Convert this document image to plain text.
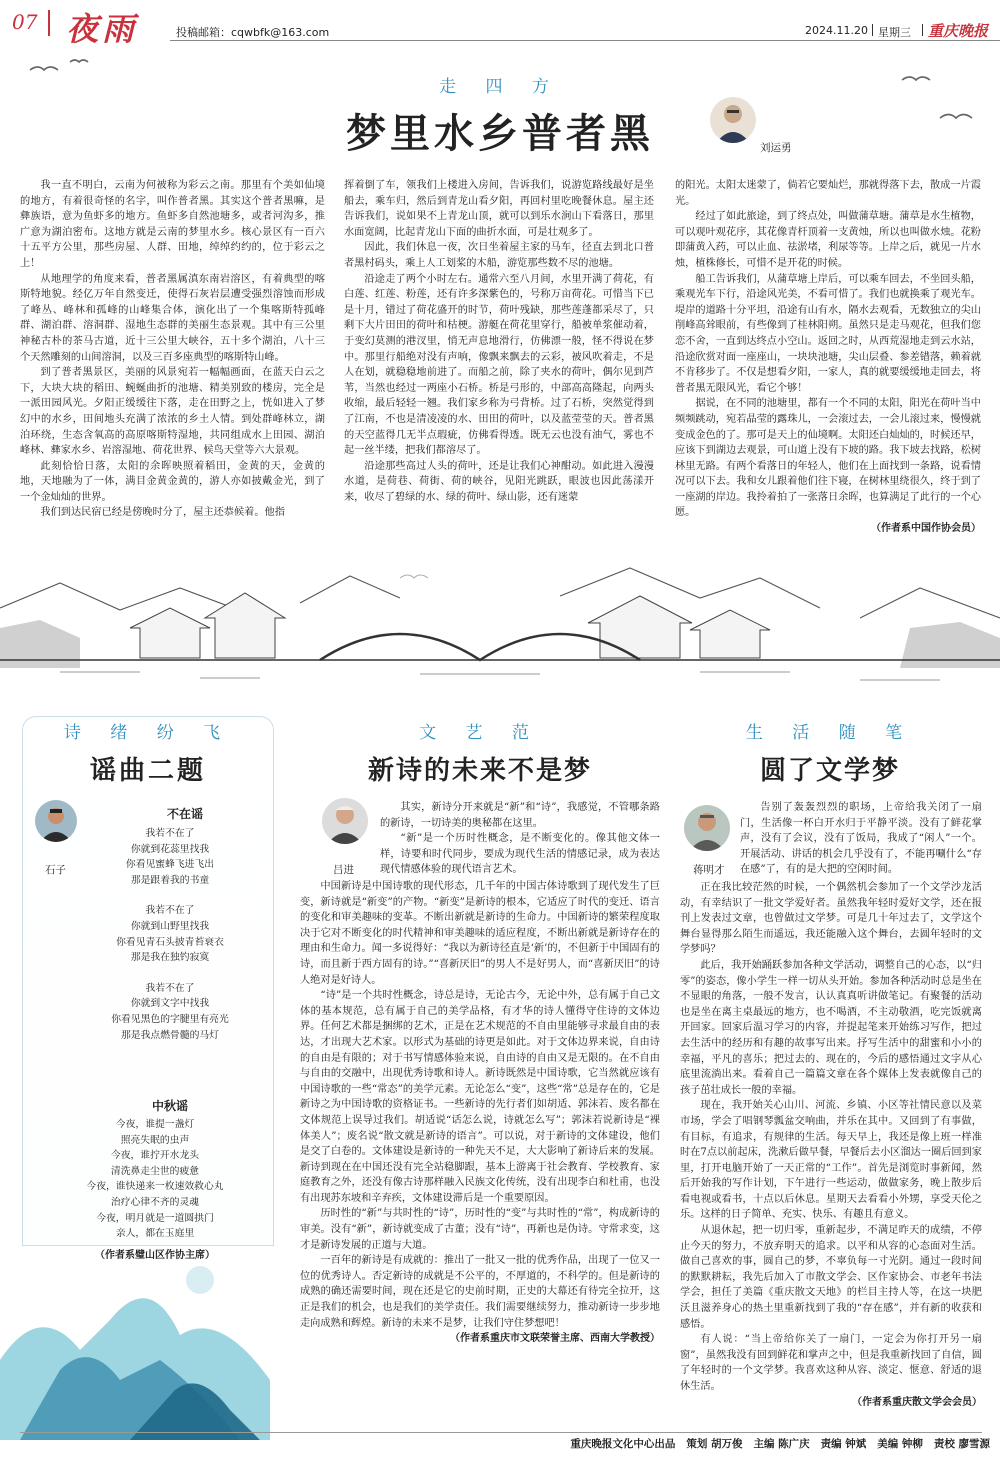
07 夜雨	投稿邮箱：cqwbfk@163.com	2024.11.20 星期三 重庆晚报
走 四 方
梦里水乡普者黑	刘运勇

我一直不明白，云南为何被称为彩云之南。那里有个美如仙境的地方，有着很奇怪的名字，叫作普者黑。其实这个普者黑嘛，是彝族语，意为鱼虾多的地方。鱼虾多自然池塘多，或者河沟多，推广意为湖泊密布。这地方就是云南的梦里水乡。核心景区有一百六十五平方公里，那些房屋、人群、田地，绰绰约约的，位于彩云之上！

从地理学的角度来看，普者黑属滇东南岩溶区，有着典型的喀斯特地貌。经亿万年自然变迁，使得石灰岩层遭受强烈溶蚀而形成了峰丛、峰林和孤峰的山峰集合体，演化出了一个集喀斯特孤峰群、湖泊群、溶洞群、湿地生态群的美丽生态景观。其中有三公里神秘古朴的茶马古道，近十三公里大峡谷，五十多个湖泊，八十三个天然雕刻的山间溶洞，以及三百多座典型的喀斯特山峰。

到了普者黑景区，美丽的风景宛若一幅幅画面，在蓝天白云之下，大块大块的稻田、蜿蜒曲折的池塘、精美别致的楼房，完全是一派田园风光。夕阳正缓缓往下落，走在田野之上，恍如进入了梦幻中的水乡，田间地头充满了浓浓的乡土人情。到处群峰林立，湖泊环绕，生态含氧高的高原喀斯特湿地，共同组成水上田园、湖泊峰林、彝家水乡、岩溶湿地、荷花世界、候鸟天堂等六大景观。

此刻恰恰日落，太阳的余晖映照着稻田，金黄的天，金黄的地，天地融为了一体，满目金黄金黄的，游人亦如披戴金光，到了一个金灿灿的世界。

我们到达民宿已经是傍晚时分了，屋主还恭候着。他指

挥着倒了车，领我们上楼进入房间，告诉我们，说游览路线最好是坐船去，乘车归，然后到青龙山看夕阳，再回村里吃晚餐休息。屋主还告诉我们，说如果不上青龙山顶，就可以到乐水涧山下看落日，那里水面宽阔，比起青龙山下面的曲折水面，可是壮观多了。

因此，我们休息一夜，次日坐着屋主家的马车，径直去到北口普者黑村码头，乘上人工划桨的木船，游览那些数不尽的池塘。

沿途走了两个小时左右。通常六至八月间，水里开满了荷花，有白莲、红莲、粉莲，还有许多深紫色的，号称万亩荷花。可惜当下已是十月，错过了荷花盛开的时节，荷叶残缺，那些莲蓬都采尽了，只剩下大片田田的荷叶和枯梗。游艇在荷花里穿行，船被单浆催动着，于变幻莫测的港汊里，悄无声息地滑行，仿佛漂一般，怪不得说在梦中。那里行船绝对没有声响，像飘来飘去的云彩，被风吹着走，不是人在划，就稳稳地前进了。而船之前，除了夹水的荷叶，偶尔见到芦苇，当然也经过一两座小石桥。桥是弓形的，中部高高隆起，向两头收缩，最后轻轻一翘。我们家乡称为弓背桥。过了石桥，突然觉得到了江南，不也是清凌凌的水、田田的荷叶，以及蓝莹莹的天。普者黑的天空蓝得几无半点瑕疵，仿佛看得透。既无云也没有油气，雾也不起一丝半缕，把我们都溶尽了。

沿途那些高过人头的荷叶，还是让我们心神酣动。如此进入漫漫水道，是荷巷、荷街、荷的峡谷，见阳光跳跃，眼波也因此荡漾开来，收尽了碧绿的水、绿的荷叶、绿山影，还有迷蒙

的阳光。太阳太迷蒙了，倘若它要灿烂，那就得落下去，散成一片霞光。

经过了如此旅途，到了终点处，叫做蒲草塘。蒲草是水生植物，可以观叶观花序，其花像青杆顶着一支黄烛，所以也叫做水烛。花粉即蒲黄入药，可以止血、祛淤堵，利尿等等。上岸之后，就见一片水烛，植株修长，可惜不是开花的时候。

船工告诉我们，从蒲草塘上岸后，可以乘车回去，不坐回头船，乘观光车下行，沿途风光美，不看可惜了。我们也就换乘了观光车。堤岸的道路十分平坦，沿途有山有水，隔水去观看，无数独立的尖山削峰高耸眼前，有些像到了桂林阳朔。虽然只是走马观花，但我们您恋不舍，一直到达终点小空山。返回之时，从西荒湿地走到云水站，沿途欣赏对面一座座山，一块块池塘，尖山层叠、参差错落，赖着就不肯移步了。不仅是想看夕阳，一家人，真的就要缓缓地走回去，将普者黑无限风光，看它个够！

据说，在不同的池塘里，都有一个不同的太阳，阳光在荷叶当中频频跳动，宛若晶莹的露珠儿，一会滚过去，一会儿滚过来，慢慢就变成金色的了。那可是天上的仙境啊。太阳还白灿灿的，时候还早，应该下到湖边去观景，可山道上没有下坡的路。我下坡去找路，松树林里无路。有两个看落日的年轻人，他们在上面找到一条路，说看情况可以下去。我和女儿跟着他们往下寝，在树林里绕很久，终于到了一座湖的岸边。我拎着拍了一张落日余晖，也算满足了此行的一个心愿。

（作者系中国作协会员）
诗 绪 纷 飞
谣曲二题
石子
不在谣
我若不在了
你就到花蕊里找我
你看见蜜蜂飞进飞出
那是跟着我的书童
我若不在了
你就到山野里找我
你看见青石头披青苔衰衣
那是我在独钓寂寞
我若不在了
你就到文字中找我
你看见黑色的字腱里有亮光
那是我点燃骨髓的马灯
中秋谣
今夜，谁提一盏灯
照亮失眠的虫声
今夜，谁拧开水龙头
清洗鼻走尘世的疲惫
今夜，谁快递来一枚速效救心丸
治疗心律不齐的灵魂
今夜，明月就是一道圆拱门
亲人，都在玉庭里
（作者系璧山区作协主席）
文 艺 范
新诗的未来不是梦
吕进

其实，新诗分开来就是“新”和“诗”，我感觉，不管哪条路的新诗，一切诗美的奥秘都在这里。

“新”是一个历时性概念，是不断变化的。像其他文体一样，诗要和时代同步，要成为现代生活的情感记录，成为表达现代情感体验的现代语言艺术。

中国新诗是中国诗歌的现代形态，几千年的中国古体诗歌到了现代发生了巨变，新诗就是“新变”的产物。“新变”是新诗的根本，它适应了时代的变迁、语言的变化和审美趣味的变革。不断出新就是新诗的生命力。中国新诗的繁荣程度取决于它对不断变化的时代精神和审美趣味的适应程度，不断出新就是新诗存在的理由和生命力。闻一多说得好：“我以为新诗径直是‘新’的，不但新于中国固有的诗，而且新于西方固有的诗。”“喜新厌旧”的男人不是好男人，而“喜新厌旧”的诗人绝对是好诗人。

“诗”是一个共时性概念，诗总是诗，无论古今，无论中外，总有属于自己文体的基本规范，总有属于自己的美学品格，有才华的诗人懂得守住诗的文体边界。任何艺术都是捆绑的艺术，正是在艺术规范的不自由里能够寻求最自由的表达，才出现大艺术家。以形式为基础的诗更是如此。对于文体边界来说，自由诗的自由是有限的；对于书写情感体验来说，自由诗的自由又是无限的。在不自由与自由的交融中，出现优秀诗歌和诗人。新诗既然是中国诗歌，它当然就应该有中国诗歌的一些“常态”的美学元素。无论怎么“变”，这些“常”总是存在的，它是新诗之为中国诗歌的资格证书。一些新诗的先行者们如胡适、郭沫若、废名都在文体规范上误导过我们。胡适说“话怎么说，诗就怎么写”；郭沫若说新诗是“裸体美人”；废名说“散文就是新诗的语言”。可以说，对于新诗的文体建设，他们是交了白卷的。文体建设是新诗的一种先天不足，大大影响了新诗后来的发展。新诗到现在在中国还没有完全站稳脚跟，基本上游离于社会教育、学校教育、家庭教育之外，还没有像古诗那样融入民族文化传统，没有出现李白和杜甫，也没有出现苏东坡和辛弃疾，文体建设滞后是一个重要原因。

历时性的“新”与共时性的“诗”，历时性的“变”与共时性的“常”，构成新诗的审美。没有“新”，新诗就变成了古董；没有“诗”，再新也是伪诗。守常求变，这才是新诗发展的正道与大道。

一百年的新诗是有成就的：推出了一批又一批的优秀作品，出现了一位又一位的优秀诗人。否定新诗的成就是不公平的，不厚道的，不科学的。但是新诗的成熟的确还需要时间，现在还是它的史前时期，正史的大幕还有待完全拉开，这正是我们的机会，也是我们的美学责任。我们需要继续努力，推动新诗一步步地走向成熟和辉煌。新诗的未来不是梦，让我们守住梦想吧！

（作者系重庆市文联荣誉主席、西南大学教授）
生 活 随 笔
圆了文学梦
蒋明才

告别了轰轰烈烈的职场，上帝给我关闭了一扇门，生活像一杯白开水归于平静平淡。没有了鲜花掌声，没有了会议，没有了饭局，我成了“闲人”一个。开展活动、讲话的机会几乎没有了，不能再唰什么“存在感”了，有的是大把的空闲时间。

正在我比较茫然的时候，一个偶然机会参加了一个文学沙龙活动，有幸结识了一批文学爱好者。虽然我年轻时爱好文学，还在报刊上发表过文章，也曾做过文学梦。可是几十年过去了，文学这个舞台显得那么陌生而遥远，我还能融入这个舞台，去圆年轻时的文学梦吗？

此后，我开始踊跃参加各种文学活动，调整自己的心态，以“归零”的姿态，像小学生一样一切从头开始。参加各种活动时总是坐在不显眼的角落，一般不发言，认认真真听讲做笔记。有聚餐的活动也是坐在离主桌最远的地方，也不喝酒，不主动敬酒，吃完饭就离开回家。回家后温习学习的内容，并提起笔来开始练习写作，把过去生活中的经历和有趣的故事写出来。抒写生活中的甜蜜和小小的幸福，平凡的喜乐；把过去的、现在的，今后的感悟通过文字从心底里流淌出来。看着自己一篇篇文章在各个媒体上发表就像自己的孩子茁壮成长一般的幸福。

现在，我开始关心山川、河流、乡镇、小区等社情民意以及菜市场，学会了唱钢琴瓢盆交响曲，并乐在其中。又回到了有事做，有目标，有追求，有规律的生活。每天早上，我还是像上班一样准时在7点以前起床，洗漱后做早餐，早餐后去小区溜达一圈后回到家里，打开电脑开始了一天正常的“工作”。首先是浏览时事新闻，然后开始我的写作计划，下午进行一些运动，做做家务，晚上散步后看电视或看书，十点以后休息。星期天去看看小外甥，享受天伦之乐。这样的日子简单、充实、快乐、有趣且有意义。

从退休起，把一切归零，重新起步，不满足昨天的成绩，不停止今天的努力，不放弃明天的追求。以平和从容的心态面对生活。做自己喜欢的事，圆自己的梦，不辜负每一寸光阴。通过一段时间的默默耕耘，我先后加入了市散文学会、区作家协会、市老年书法学会，担任了美篇《重庆散文天地》的栏目主持人等，在这一块肥沃且滋养身心的热土里重新找到了我的“存在感”，并有新的收获和感悟。

有人说：“当上帝给你关了一扇门，一定会为你打开另一扇窗”，虽然我没有回到鲜花和掌声之中，但是我重新找回了自信，圆了年轻时的一个文学梦。我喜欢这种从容、淡定、惬意、舒适的退休生活。

（作者系重庆散文学会会员）
重庆晚报文化中心出品 策划 胡万俊 主编 陈广庆 责编 钟斌 美编 钟柳 责校 廖雪源
